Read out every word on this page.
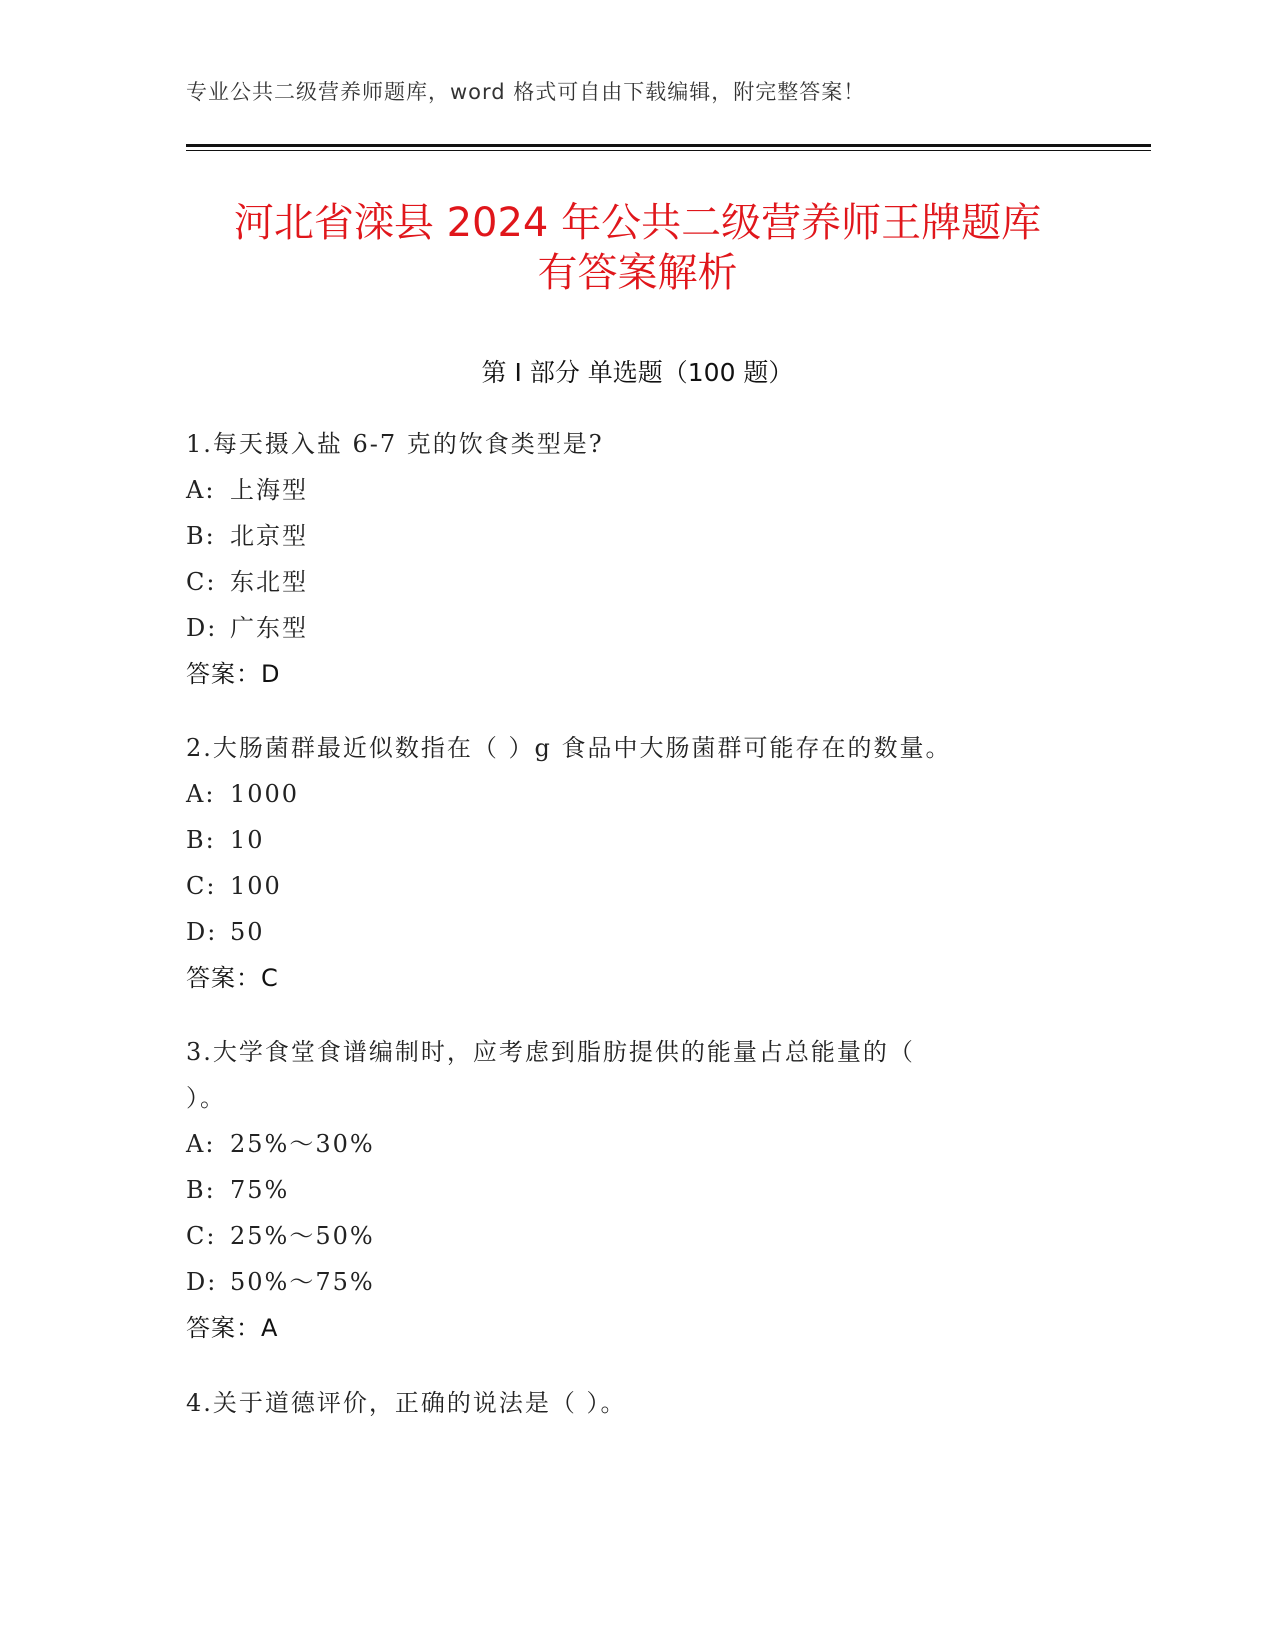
专业公共二级营养师题库，word 格式可自由下载编辑，附完整答案！
河北省滦县 2024 年公共二级营养师王牌题库
有答案解析
第 I 部分 单选题（100 题）
1.每天摄入盐 6-7 克的饮食类型是?
A: 上海型
B: 北京型
C: 东北型
D: 广东型
答案：D
2.大肠菌群最近似数指在（ ）g 食品中大肠菌群可能存在的数量。
A: 1000
B: 10
C: 100
D: 50
答案：C
3.大学食堂食谱编制时，应考虑到脂肪提供的能量占总能量的（
）。
A: 25%～30%
B: 75%
C: 25%～50%
D: 50%～75%
答案：A
4.关于道德评价，正确的说法是（ ）。
